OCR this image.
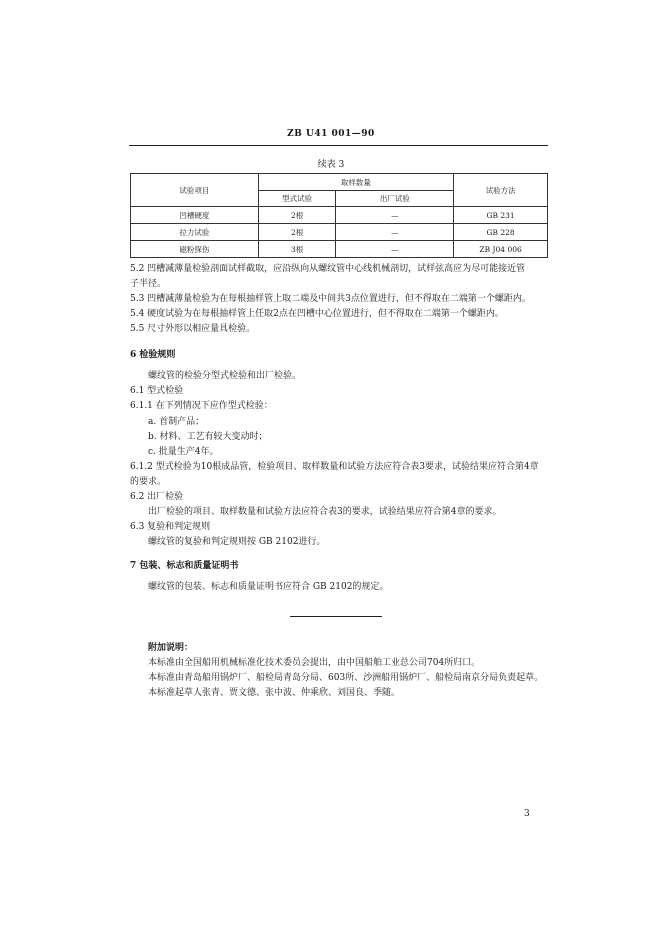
ZB U41 001—90
续表 3
试验项目	取样数量		试验方法
	型式试验	出厂试验	
凹槽硬度	2根	—	GB 231
拉力试验	2根	—	GB 228
磁粉探伤	3根	—	ZB J04 006
5.2 凹槽减薄量检验剖面试样截取，应沿纵向从螺纹管中心线机械剖切，试样弦高应为尽可能接近管
子半径。
5.3 凹槽减薄量检验为在每根抽样管上取二端及中间共3点位置进行，但不得取在二端第一个螺距内。
5.4 硬度试验为在每根抽样管上任取2点在凹槽中心位置进行，但不得取在二端第一个螺距内。
5.5 尺寸外形以相应量具检验。
6 检验规则
螺纹管的检验分型式检验和出厂检验。
6.1 型式检验
6.1.1 在下列情况下应作型式检验：
a. 首制产品；
b. 材料、工艺有较大变动时；
c. 批量生产4年。
6.1.2 型式检验为10根成品管，检验项目、取样数量和试验方法应符合表3要求，试验结果应符合第4章
的要求。
6.2 出厂检验
出厂检验的项目、取样数量和试验方法应符合表3的要求，试验结果应符合第4章的要求。
6.3 复验和判定规则
螺纹管的复验和判定规则按 GB 2102进行。
7 包装、标志和质量证明书
螺纹管的包装、标志和质量证明书应符合 GB 2102的规定。
附加说明：
本标准由全国船用机械标准化技术委员会提出，由中国船舶工业总公司704所归口。
本标准由青岛船用锅炉厂、船检局青岛分局、603所、沙洲船用锅炉厂、船检局南京分局负责起草。
本标准起草人张青、贾文德、张中波、仲乘欣、刘国良、季随。
3
